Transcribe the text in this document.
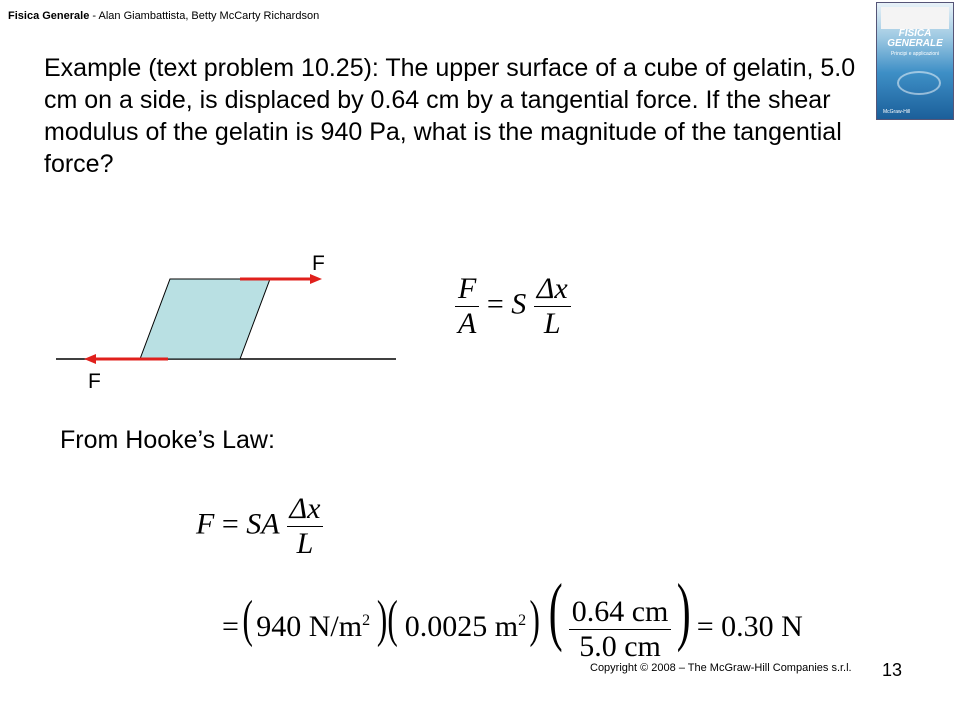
Fisica Generale - Alan Giambattista, Betty McCarty Richardson
FISICA
GENERALE
Principi e applicazioni
McGraw-Hill
Example (text problem 10.25): The upper surface of a cube of gelatin, 5.0 cm on a side, is displaced by 0.64 cm by a tangential force. If the shear modulus of the gelatin is 940 Pa, what is the magnitude of the tangential force?
F
F
$\frac{F}{A} = S \frac{\Delta x}{L}$
From Hooke’s Law:
F = SA $\frac{\Delta x}{L}$
=( 940 $N/m^2$ )( 0.0025 $m^2$) ( $\frac{0.64 cm}{5.0 cm}$ ) = 0.30 N
Copyright © 2008 – The McGraw-Hill Companies s.r.l. 13
